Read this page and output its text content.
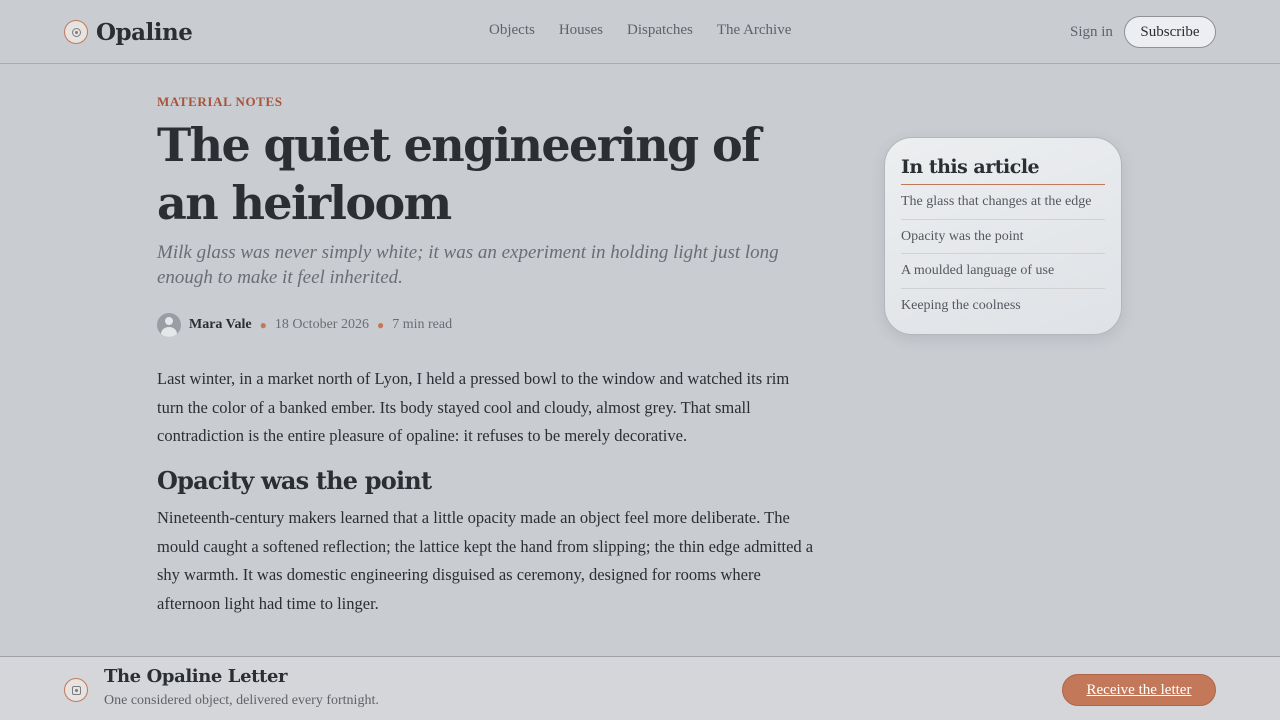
Opaline	Objects Houses Dispatches The Archive	Sign in	Subscribe
MATERIAL NOTES
The quiet engineering of an heirloom

Milk glass was never simply white; it was an experiment in holding light just long enough to make it feel inherited.

Mara Vale ● 18 October 2026 ● 7 min read

Last winter, in a market north of Lyon, I held a pressed bowl to the window and watched its rim turn the color of a banked ember. Its body stayed cool and cloudy, almost grey. That small contradiction is the entire pleasure of opaline: it refuses to be merely decorative.

Opacity was the point

Nineteenth-century makers learned that a little opacity made an object feel more deliberate. The mould caught a softened reflection; the lattice kept the hand from slipping; the thin edge admitted a shy warmth. It was domestic engineering disguised as ceremony, designed for rooms where afternoon light had time to linger.

In this article
The glass that changes at the edge
Opacity was the point
A moulded language of use
Keeping the coolness
The Opaline Letter
One considered object, delivered every fortnight.
Receive the letter
